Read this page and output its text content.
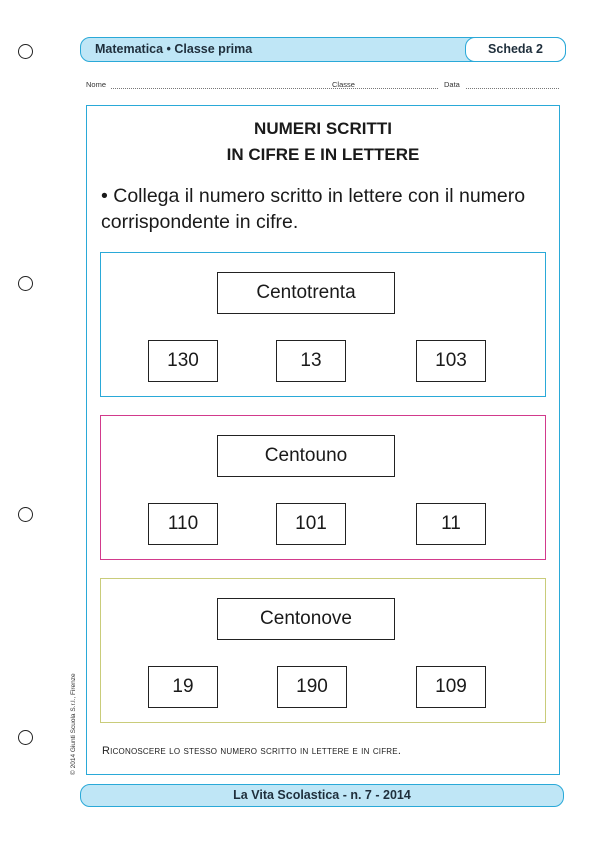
Matematica • Classe prima	Scheda 2
Nome	Classe	Data
NUMERI SCRITTI
IN CIFRE E IN LETTERE
• Collega il numero scritto in lettere con il numero corrispondente in cifre.
Centotrenta
130	13	103
Centouno
110	101	11
Centonove
19	190	109
Riconoscere lo stesso numero scritto in lettere e in cifre.
La Vita Scolastica - n. 7 - 2014
© 2014 Giunti Scuola S.r.l., Firenze
